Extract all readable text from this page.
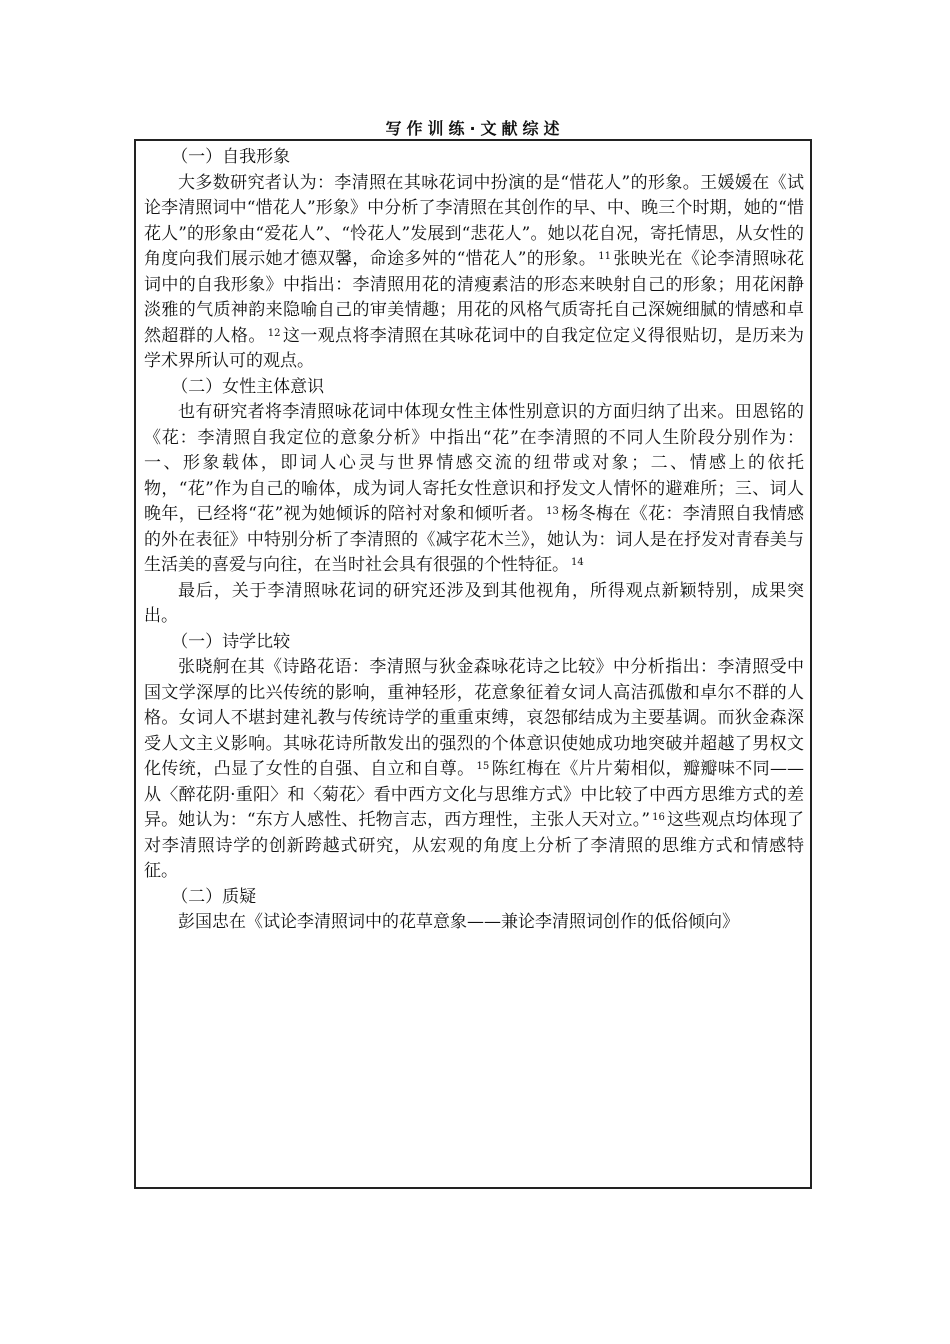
写作训练·文献综述

（一）自我形象

大多数研究者认为：李清照在其咏花词中扮演的是“惜花人”的形象。王媛媛在《试论李清照词中“惜花人”形象》中分析了李清照在其创作的早、中、晚三个时期，她的“惜花人”的形象由“爱花人”、“怜花人”发展到“悲花人”。她以花自况，寄托情思，从女性的角度向我们展示她才德双馨，命途多舛的“惜花人”的形象。 $^{11}$ 张映光在《论李清照咏花词中的自我形象》中指出：李清照用花的清瘦素洁的形态来映射自己的形象；用花闲静淡雅的气质神韵来隐喻自己的审美情趣；用花的风格气质寄托自己深婉细腻的情感和卓然超群的人格。 $^{12}$ 这一观点将李清照在其咏花词中的自我定位定义得很贴切，是历来为学术界所认可的观点。

（二）女性主体意识

也有研究者将李清照咏花词中体现女性主体性别意识的方面归纳了出来。田恩铭的《花：李清照自我定位的意象分析》中指出“花”在李清照的不同人生阶段分别作为：一、形象载体，即词人心灵与世界情感交流的纽带或对象；二、情感上的依托物，“花”作为自己的喻体，成为词人寄托女性意识和抒发文人情怀的避难所；三、词人晚年，已经将“花”视为她倾诉的陪衬对象和倾听者。 $^{13}$ 杨冬梅在《花：李清照自我情感的外在表征》中特别分析了李清照的《减字花木兰》，她认为：词人是在抒发对青春美与生活美的喜爱与向往，在当时社会具有很强的个性特征。 $^{14}$

最后，关于李清照咏花词的研究还涉及到其他视角，所得观点新颖特别，成果突出。

（一）诗学比较

张晓舸在其《诗路花语：李清照与狄金森咏花诗之比较》中分析指出：李清照受中国文学深厚的比兴传统的影响，重神轻形，花意象征着女词人高洁孤傲和卓尔不群的人格。女词人不堪封建礼教与传统诗学的重重束缚，哀怨郁结成为主要基调。而狄金森深受人文主义影响。其咏花诗所散发出的强烈的个体意识使她成功地突破并超越了男权文化传统，凸显了女性的自强、自立和自尊。 $^{15}$ 陈红梅在《片片菊相似，瓣瓣味不同——从〈醉花阴·重阳〉和〈菊花〉看中西方文化与思维方式》中比较了中西方思维方式的差异。她认为：“东方人感性、托物言志，西方理性，主张人天对立。” $^{16}$ 这些观点均体现了对李清照诗学的创新跨越式研究，从宏观的角度上分析了李清照的思维方式和情感特征。

（二）质疑

彭国忠在《试论李清照词中的花草意象——兼论李清照词创作的低俗倾向》
